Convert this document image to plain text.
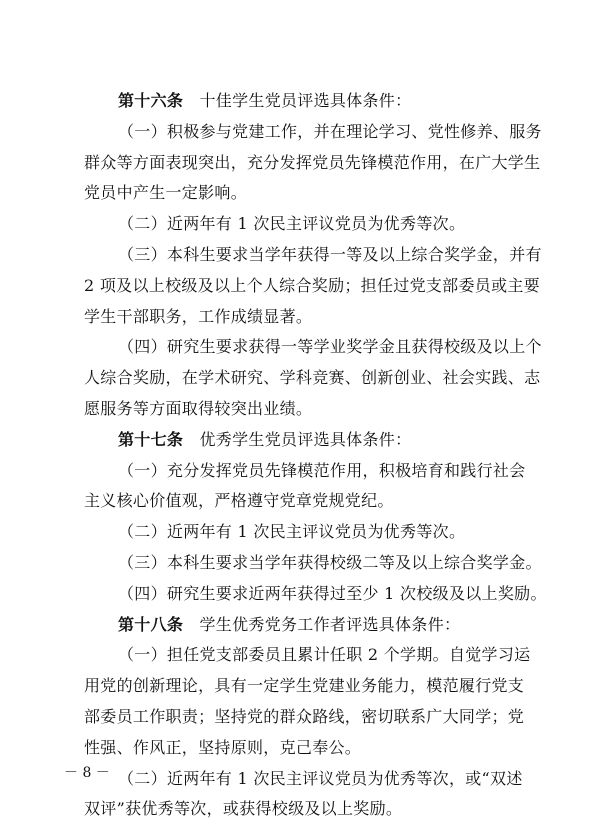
第十六条　十佳学生党员评选具体条件：
（一）积极参与党建工作，并在理论学习、党性修养、服务
群众等方面表现突出，充分发挥党员先锋模范作用，在广大学生
党员中产生一定影响。
（二）近两年有 1 次民主评议党员为优秀等次。
（三）本科生要求当学年获得一等及以上综合奖学金，并有
2 项及以上校级及以上个人综合奖励；担任过党支部委员或主要
学生干部职务，工作成绩显著。
（四）研究生要求获得一等学业奖学金且获得校级及以上个
人综合奖励，在学术研究、学科竞赛、创新创业、社会实践、志
愿服务等方面取得较突出业绩。
第十七条　优秀学生党员评选具体条件：
（一）充分发挥党员先锋模范作用，积极培育和践行社会
主义核心价值观，严格遵守党章党规党纪。
（二）近两年有 1 次民主评议党员为优秀等次。
（三）本科生要求当学年获得校级二等及以上综合奖学金。
（四）研究生要求近两年获得过至少 1 次校级及以上奖励。
第十八条　学生优秀党务工作者评选具体条件：
（一）担任党支部委员且累计任职 2 个学期。自觉学习运
用党的创新理论，具有一定学生党建业务能力，模范履行党支
部委员工作职责；坚持党的群众路线，密切联系广大同学；党
性强、作风正，坚持原则，克己奉公。
（二）近两年有 1 次民主评议党员为优秀等次，或“双述
双评”获优秀等次，或获得校级及以上奖励。
－ 8 －
